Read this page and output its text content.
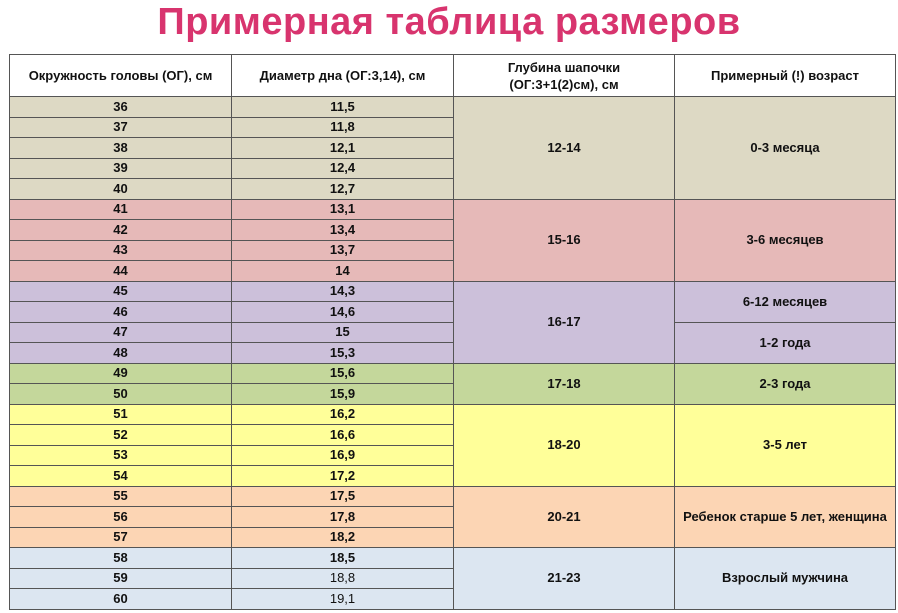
Примерная таблица размеров
Окружность головы (ОГ), см	Диаметр дна (ОГ:3,14), см	Глубина шапочки
(ОГ:3+1(2)см), см	Примерный (!) возраст
36	11,5	12-14	0-3 месяца
37	11,8		
38	12,1		
39	12,4		
40	12,7		
41	13,1	15-16	3-6 месяцев
42	13,4		
43	13,7		
44	14		
45	14,3	16-17	6-12 месяцев
46	14,6		
47	15		1-2 года
48	15,3		
49	15,6	17-18	2-3 года
50	15,9		
51	16,2	18-20	3-5 лет
52	16,6		
53	16,9		
54	17,2		
55	17,5	20-21	Ребенок старше 5 лет, женщина
56	17,8		
57	18,2		
58	18,5	21-23	Взрослый мужчина
59	18,8		
60	19,1		
